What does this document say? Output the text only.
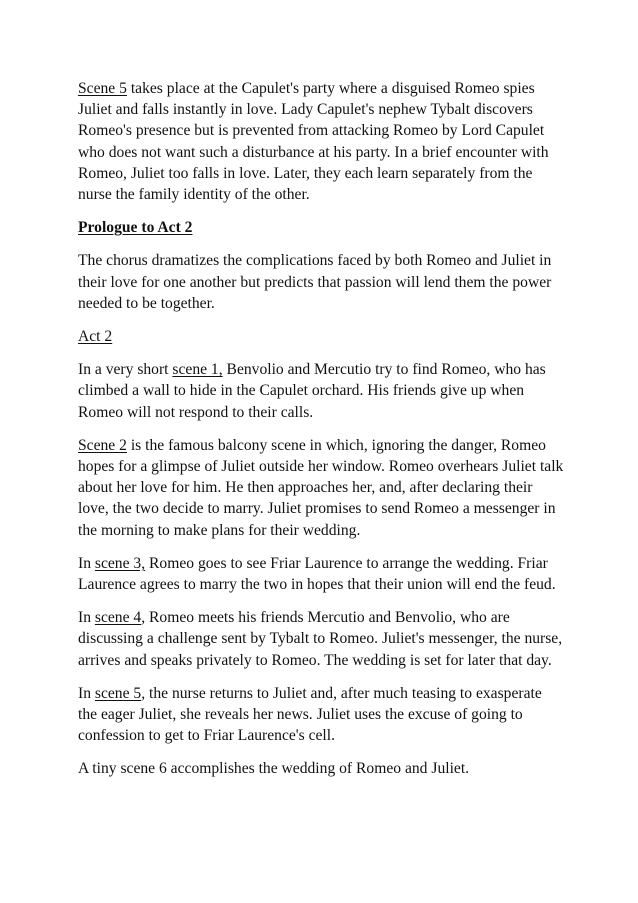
Scene 5 takes place at the Capulet's party where a disguised Romeo spies Juliet and falls instantly in love. Lady Capulet's nephew Tybalt discovers Romeo's presence but is prevented from attacking Romeo by Lord Capulet who does not want such a disturbance at his party. In a brief encounter with Romeo, Juliet too falls in love. Later, they each learn separately from the nurse the family identity of the other.

Prologue to Act 2

The chorus dramatizes the complications faced by both Romeo and Juliet in their love for one another but predicts that passion will lend them the power needed to be together.

Act 2

In a very short scene 1, Benvolio and Mercutio try to find Romeo, who has climbed a wall to hide in the Capulet orchard. His friends give up when Romeo will not respond to their calls.

Scene 2 is the famous balcony scene in which, ignoring the danger, Romeo hopes for a glimpse of Juliet outside her window. Romeo overhears Juliet talk about her love for him. He then approaches her, and, after declaring their love, the two decide to marry. Juliet promises to send Romeo a messenger in the morning to make plans for their wedding.

In scene 3, Romeo goes to see Friar Laurence to arrange the wedding. Friar Laurence agrees to marry the two in hopes that their union will end the feud.

In scene 4, Romeo meets his friends Mercutio and Benvolio, who are discussing a challenge sent by Tybalt to Romeo. Juliet's messenger, the nurse, arrives and speaks privately to Romeo. The wedding is set for later that day.

In scene 5, the nurse returns to Juliet and, after much teasing to exasperate the eager Juliet, she reveals her news. Juliet uses the excuse of going to confession to get to Friar Laurence's cell.

A tiny scene 6 accomplishes the wedding of Romeo and Juliet.
